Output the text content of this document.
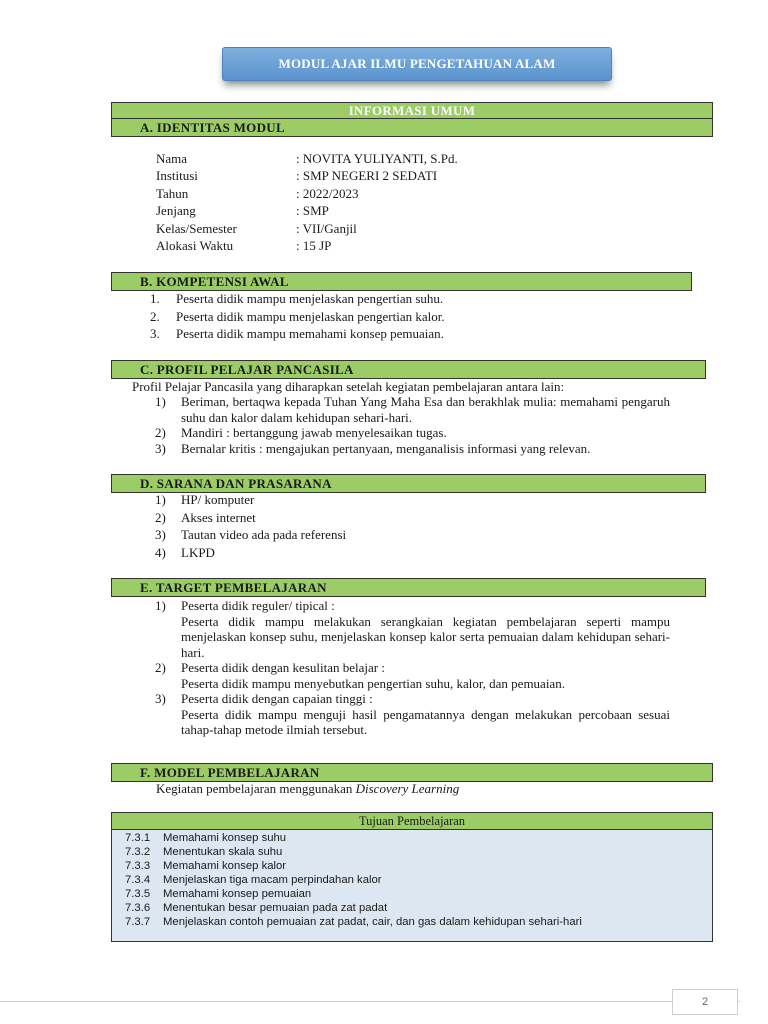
MODUL AJAR ILMU PENGETAHUAN ALAM
INFORMASI UMUM
A. IDENTITAS MODUL
Nama	: NOVITA YULIYANTI, S.Pd.
Institusi	: SMP NEGERI 2 SEDATI
Tahun	: 2022/2023
Jenjang	: SMP
Kelas/Semester	: VII/Ganjil
Alokasi Waktu	: 15 JP
B. KOMPETENSI AWAL
1.	Peserta didik mampu menjelaskan pengertian suhu.
2.	Peserta didik mampu menjelaskan pengertian kalor.
3.	Peserta didik mampu memahami konsep pemuaian.
C. PROFIL PELAJAR PANCASILA
Profil Pelajar Pancasila yang diharapkan setelah kegiatan pembelajaran antara lain:
1)	Beriman, bertaqwa kepada Tuhan Yang Maha Esa dan berakhlak mulia: memahami pengaruh suhu dan kalor dalam kehidupan sehari-hari.
2)	Mandiri : bertanggung jawab menyelesaikan tugas.
3)	Bernalar kritis : mengajukan pertanyaan, menganalisis informasi yang relevan.
D. SARANA DAN PRASARANA
1)	HP/ komputer
2)	Akses internet
3)	Tautan video ada pada referensi
4)	LKPD
E. TARGET PEMBELAJARAN
1)	Peserta didik reguler/ tipical :
Peserta didik mampu melakukan serangkaian kegiatan pembelajaran seperti mampu menjelaskan konsep suhu, menjelaskan konsep kalor serta pemuaian dalam kehidupan sehari-hari.
2)	Peserta didik dengan kesulitan belajar :
Peserta didik mampu menyebutkan pengertian suhu, kalor, dan pemuaian.
3)	Peserta didik dengan capaian tinggi :
Peserta didik mampu menguji hasil pengamatannya dengan melakukan percobaan sesuai tahap-tahap metode ilmiah tersebut.
F. MODEL PEMBELAJARAN
Kegiatan pembelajaran menggunakan Discovery Learning
Tujuan Pembelajaran
7.3.1 Memahami konsep suhu
7.3.2 Menentukan skala suhu
7.3.3 Memahami konsep kalor
7.3.4 Menjelaskan tiga macam perpindahan kalor
7.3.5 Memahami konsep pemuaian
7.3.6 Menentukan besar pemuaian pada zat padat
7.3.7 Menjelaskan contoh pemuaian zat padat, cair, dan gas dalam kehidupan sehari-hari
2
